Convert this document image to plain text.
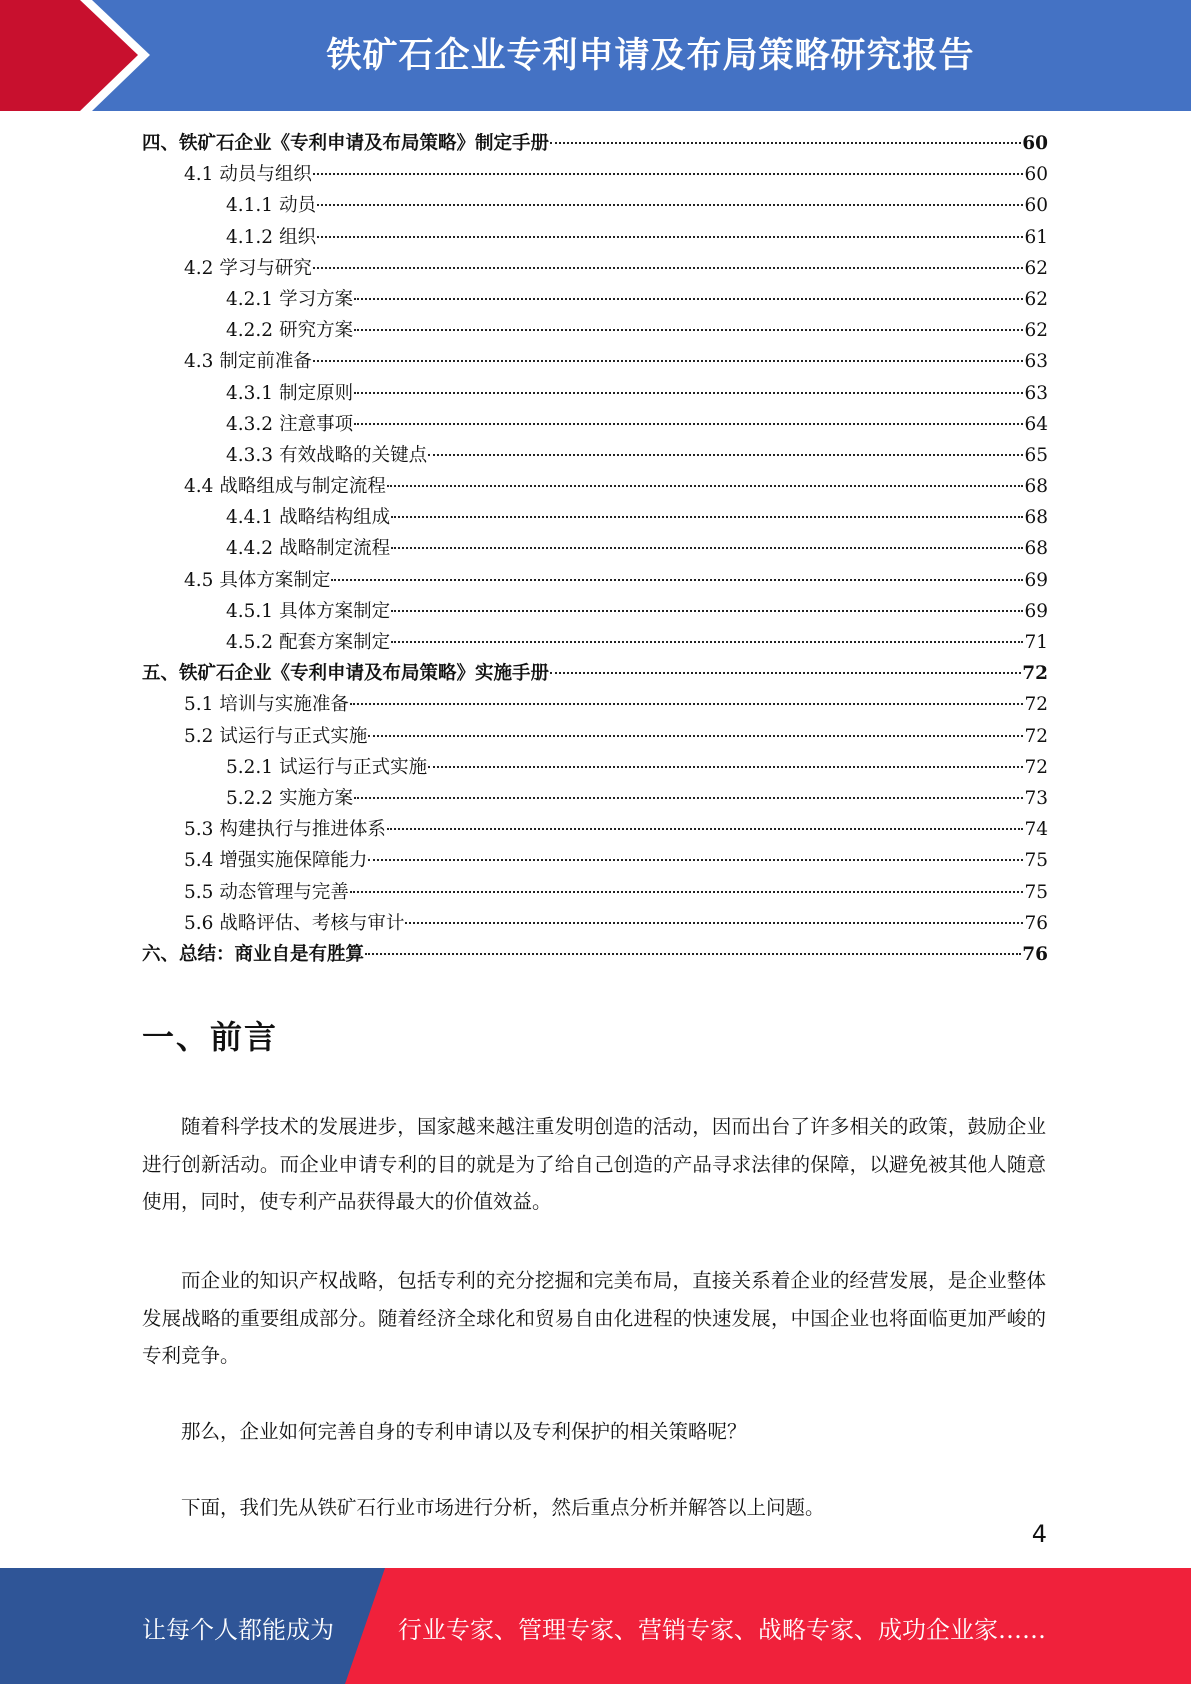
铁矿石企业专利申请及布局策略研究报告
四、铁矿石企业《专利申请及布局策略》制定手册	60
4.1 动员与组织	60
4.1.1 动员	60
4.1.2 组织	61
4.2 学习与研究	62
4.2.1 学习方案	62
4.2.2 研究方案	62
4.3 制定前准备	63
4.3.1 制定原则	63
4.3.2 注意事项	64
4.3.3 有效战略的关键点	65
4.4 战略组成与制定流程	68
4.4.1 战略结构组成	68
4.4.2 战略制定流程	68
4.5 具体方案制定	69
4.5.1 具体方案制定	69
4.5.2 配套方案制定	71
五、铁矿石企业《专利申请及布局策略》实施手册	72
5.1 培训与实施准备	72
5.2 试运行与正式实施	72
5.2.1 试运行与正式实施	72
5.2.2 实施方案	73
5.3 构建执行与推进体系	74
5.4 增强实施保障能力	75
5.5 动态管理与完善	75
5.6 战略评估、考核与审计	76
六、总结：商业自是有胜算	76
一、前言
随着科学技术的发展进步，国家越来越注重发明创造的活动，因而出台了许多相关的政策，鼓励企业进行创新活动。而企业申请专利的目的就是为了给自己创造的产品寻求法律的保障，以避免被其他人随意使用，同时，使专利产品获得最大的价值效益。
而企业的知识产权战略，包括专利的充分挖掘和完美布局，直接关系着企业的经营发展，是企业整体发展战略的重要组成部分。随着经济全球化和贸易自由化进程的快速发展，中国企业也将面临更加严峻的专利竞争。
那么，企业如何完善自身的专利申请以及专利保护的相关策略呢？
下面，我们先从铁矿石行业市场进行分析，然后重点分析并解答以上问题。
4
让每个人都能成为	行业专家、管理专家、营销专家、战略专家、成功企业家……
